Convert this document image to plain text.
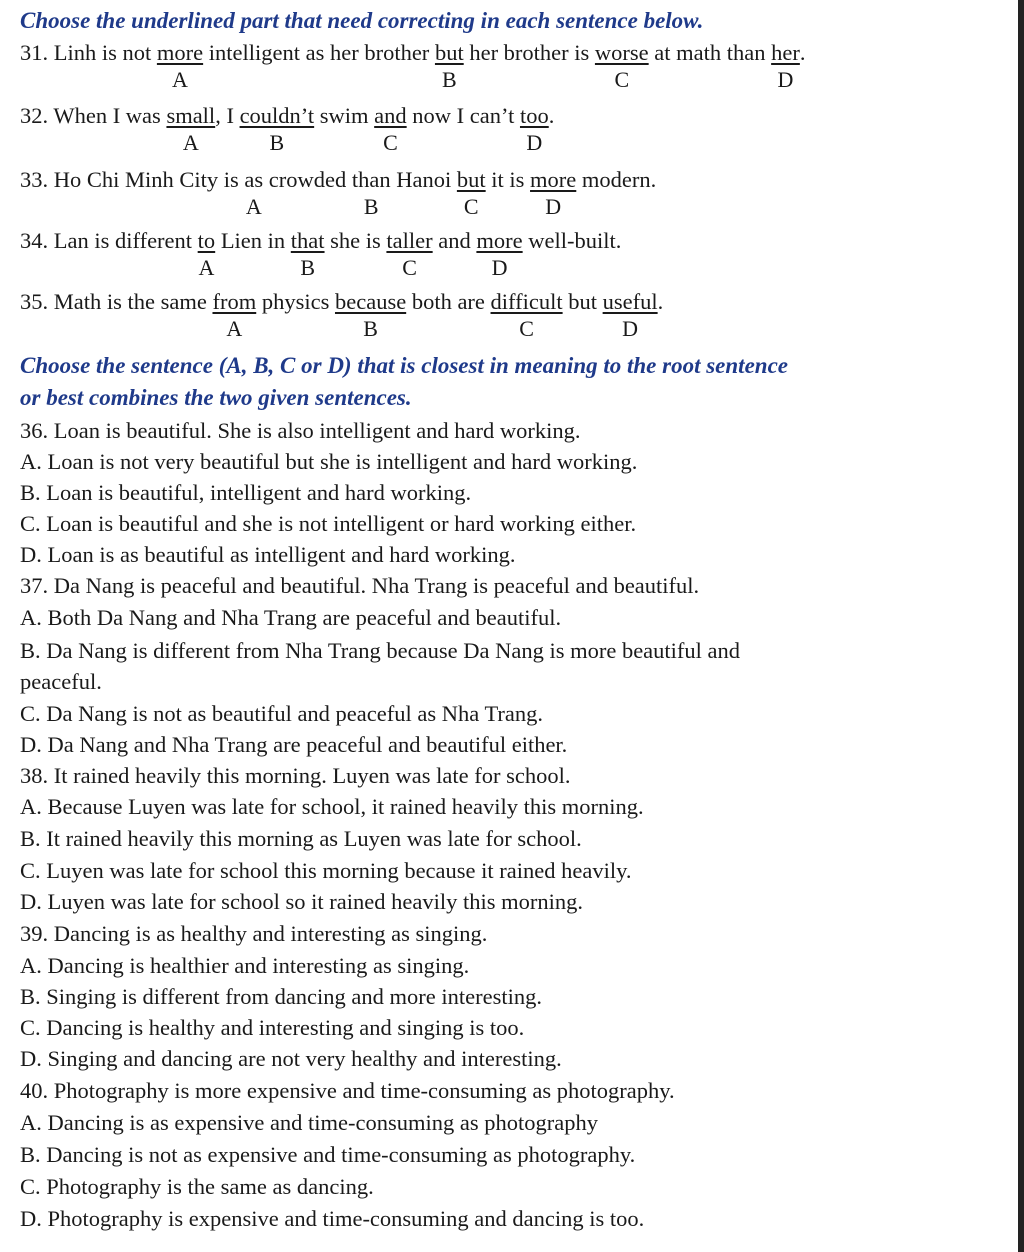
Choose the underlined part that need correcting in each sentence below.

31. Linh is not more
A
intelligent as her brother but
B
her brother is worse
C
at math than her
D
.

32. When I was small
A
, I couldn’t
B
swim and
C
now I can’t too
D
.

33. Ho Chi Minh City is as
A
crowded than
B
Hanoi but
C
it is more
D
modern.

34. Lan is different to
A
Lien in that
B
she is taller
C
and more
D
well-built.

35. Math is the same from
A
physics because
B
both are difficult
C
but useful
D
.

Choose the sentence (A, B, C or D) that is closest in meaning to the root sentence

or best combines the two given sentences.

36. Loan is beautiful. She is also intelligent and hard working.

A. Loan is not very beautiful but she is intelligent and hard working.

B. Loan is beautiful, intelligent and hard working.

C. Loan is beautiful and she is not intelligent or hard working either.

D. Loan is as beautiful as intelligent and hard working.

37. Da Nang is peaceful and beautiful. Nha Trang is peaceful and beautiful.

A. Both Da Nang and Nha Trang are peaceful and beautiful.

B. Da Nang is different from Nha Trang because Da Nang is more beautiful and

peaceful.

C. Da Nang is not as beautiful and peaceful as Nha Trang.

D. Da Nang and Nha Trang are peaceful and beautiful either.

38. It rained heavily this morning. Luyen was late for school.

A. Because Luyen was late for school, it rained heavily this morning.

B. It rained heavily this morning as Luyen was late for school.

C. Luyen was late for school this morning because it rained heavily.

D. Luyen was late for school so it rained heavily this morning.

39. Dancing is as healthy and interesting as singing.

A. Dancing is healthier and interesting as singing.

B. Singing is different from dancing and more interesting.

C. Dancing is healthy and interesting and singing is too.

D. Singing and dancing are not very healthy and interesting.

40. Photography is more expensive and time-consuming as photography.

A. Dancing is as expensive and time-consuming as photography

B. Dancing is not as expensive and time-consuming as photography.

C. Photography is the same as dancing.

D. Photography is expensive and time-consuming and dancing is too.
